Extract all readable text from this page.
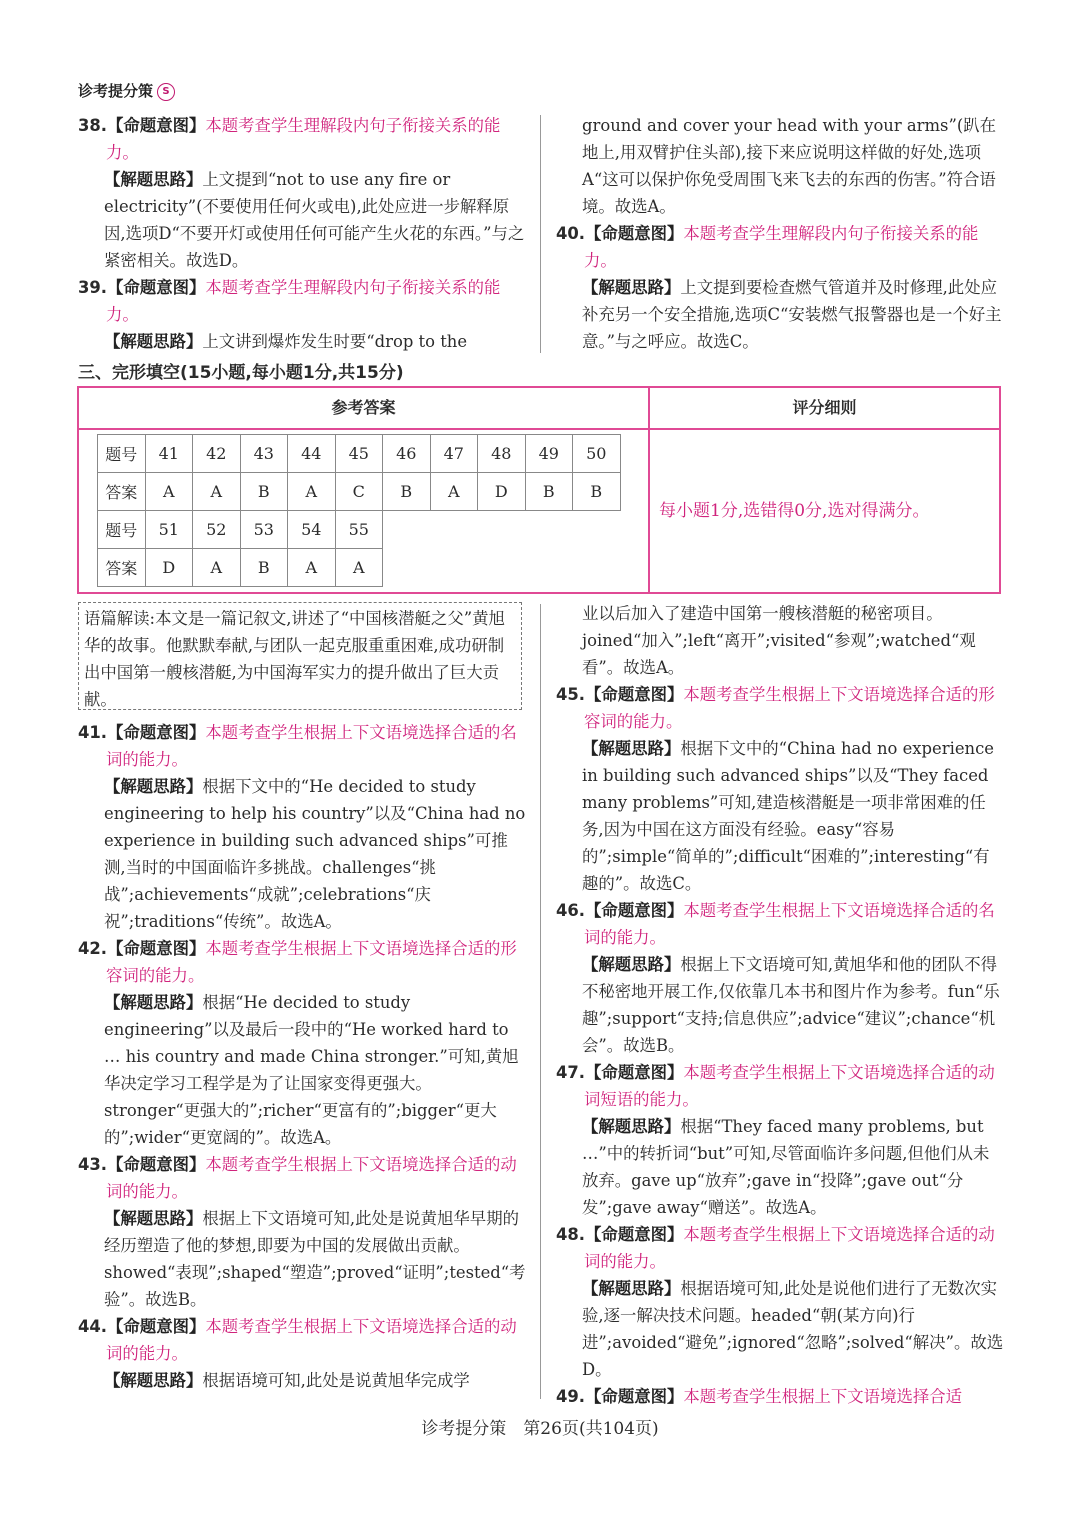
诊考提分策 S

38.【命题意图】本题考查学生理解段内句子衔接关系的能力。

【解题思路】上文提到“not to use any fire or electricity”(不要使用任何火或电),此处应进一步解释原因,选项D“不要开灯或使用任何可能产生火花的东西。”与之紧密相关。故选D。

39.【命题意图】本题考查学生理解段内句子衔接关系的能力。

【解题思路】上文讲到爆炸发生时要“drop to the

ground and cover your head with your arms”(趴在地上,用双臂护住头部),接下来应说明这样做的好处,选项A“这可以保护你免受周围飞来飞去的东西的伤害。”符合语境。故选A。

40.【命题意图】本题考查学生理解段内句子衔接关系的能力。

【解题思路】上文提到要检查燃气管道并及时修理,此处应补充另一个安全措施,选项C“安装燃气报警器也是一个好主意。”与之呼应。故选C。

三、完形填空(15小题,每小题1分,共15分)
参考答案	评分细则
题号	41	42	43	44	45	46	47	48	49	50
答案	A	A	B	A	C	B	A	D	B	B
题号	51	52	53	54	55					
答案	D	A	B	A	A					
每小题1分,选错得0分,选对得满分。
语篇解读:本文是一篇记叙文,讲述了“中国核潜艇之父”黄旭华的故事。他默默奉献,与团队一起克服重重困难,成功研制出中国第一艘核潜艇,为中国海军实力的提升做出了巨大贡献。

41.【命题意图】本题考查学生根据上下文语境选择合适的名词的能力。

【解题思路】根据下文中的“He decided to study engineering to help his country”以及“China had no experience in building such advanced ships”可推测,当时的中国面临许多挑战。challenges“挑战”;achievements“成就”;celebrations“庆祝”;traditions“传统”。故选A。

42.【命题意图】本题考查学生根据上下文语境选择合适的形容词的能力。

【解题思路】根据“He decided to study engineering”以及最后一段中的“He worked hard to … his country and made China stronger.”可知,黄旭华决定学习工程学是为了让国家变得更强大。stronger“更强大的”;richer“更富有的”;bigger“更大的”;wider“更宽阔的”。故选A。

43.【命题意图】本题考查学生根据上下文语境选择合适的动词的能力。

【解题思路】根据上下文语境可知,此处是说黄旭华早期的经历塑造了他的梦想,即要为中国的发展做出贡献。showed“表现”;shaped“塑造”;proved“证明”;tested“考验”。故选B。

44.【命题意图】本题考查学生根据上下文语境选择合适的动词的能力。

【解题思路】根据语境可知,此处是说黄旭华完成学

业以后加入了建造中国第一艘核潜艇的秘密项目。joined“加入”;left“离开”;visited“参观”;watched“观看”。故选A。

45.【命题意图】本题考查学生根据上下文语境选择合适的形容词的能力。

【解题思路】根据下文中的“China had no experience in building such advanced ships”以及“They faced many problems”可知,建造核潜艇是一项非常困难的任务,因为中国在这方面没有经验。easy“容易的”;simple“简单的”;difficult“困难的”;interesting“有趣的”。故选C。

46.【命题意图】本题考查学生根据上下文语境选择合适的名词的能力。

【解题思路】根据上下文语境可知,黄旭华和他的团队不得不秘密地开展工作,仅依靠几本书和图片作为参考。fun“乐趣”;support“支持;信息供应”;advice“建议”;chance“机会”。故选B。

47.【命题意图】本题考查学生根据上下文语境选择合适的动词短语的能力。

【解题思路】根据“They faced many problems, but …”中的转折词“but”可知,尽管面临许多问题,但他们从未放弃。gave up“放弃”;gave in“投降”;gave out“分发”;gave away“赠送”。故选A。

48.【命题意图】本题考查学生根据上下文语境选择合适的动词的能力。

【解题思路】根据语境可知,此处是说他们进行了无数次实验,逐一解决技术问题。headed“朝(某方向)行进”;avoided“避免”;ignored“忽略”;solved“解决”。故选D。

49.【命题意图】本题考查学生根据上下文语境选择合适

诊考提分策　第26页(共104页)
